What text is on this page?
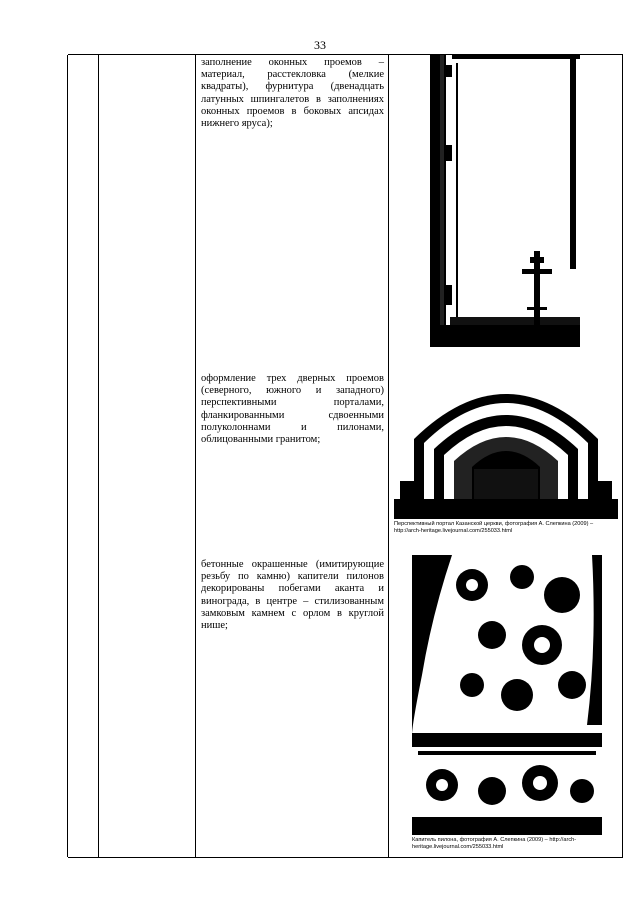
33
заполнение оконных проемов – материал, расстекловка (мелкие квадраты), фурнитура (двенадцать латунных шпингалетов в заполнениях оконных проемов в боковых апсидах нижнего яруса);
оформление трех дверных проемов (северного, южного и западного) перспективными порталами, фланкированными сдвоенными полуколоннами и пилонами, облицованными гранитом;
Перспективный портал Казанской церкви, фотография А. Слепкина (2009) – http://arch-heritage.livejournal.com/255033.html
бетонные окрашенные (имитирующие резьбу по камню) капители пилонов декорированы побегами аканта и винограда, в центре – стилизованным замковым камнем с орлом в круглой нише;
Капитель пилона, фотография А. Слепкина (2009) – http://arch-heritage.livejournal.com/255033.html
